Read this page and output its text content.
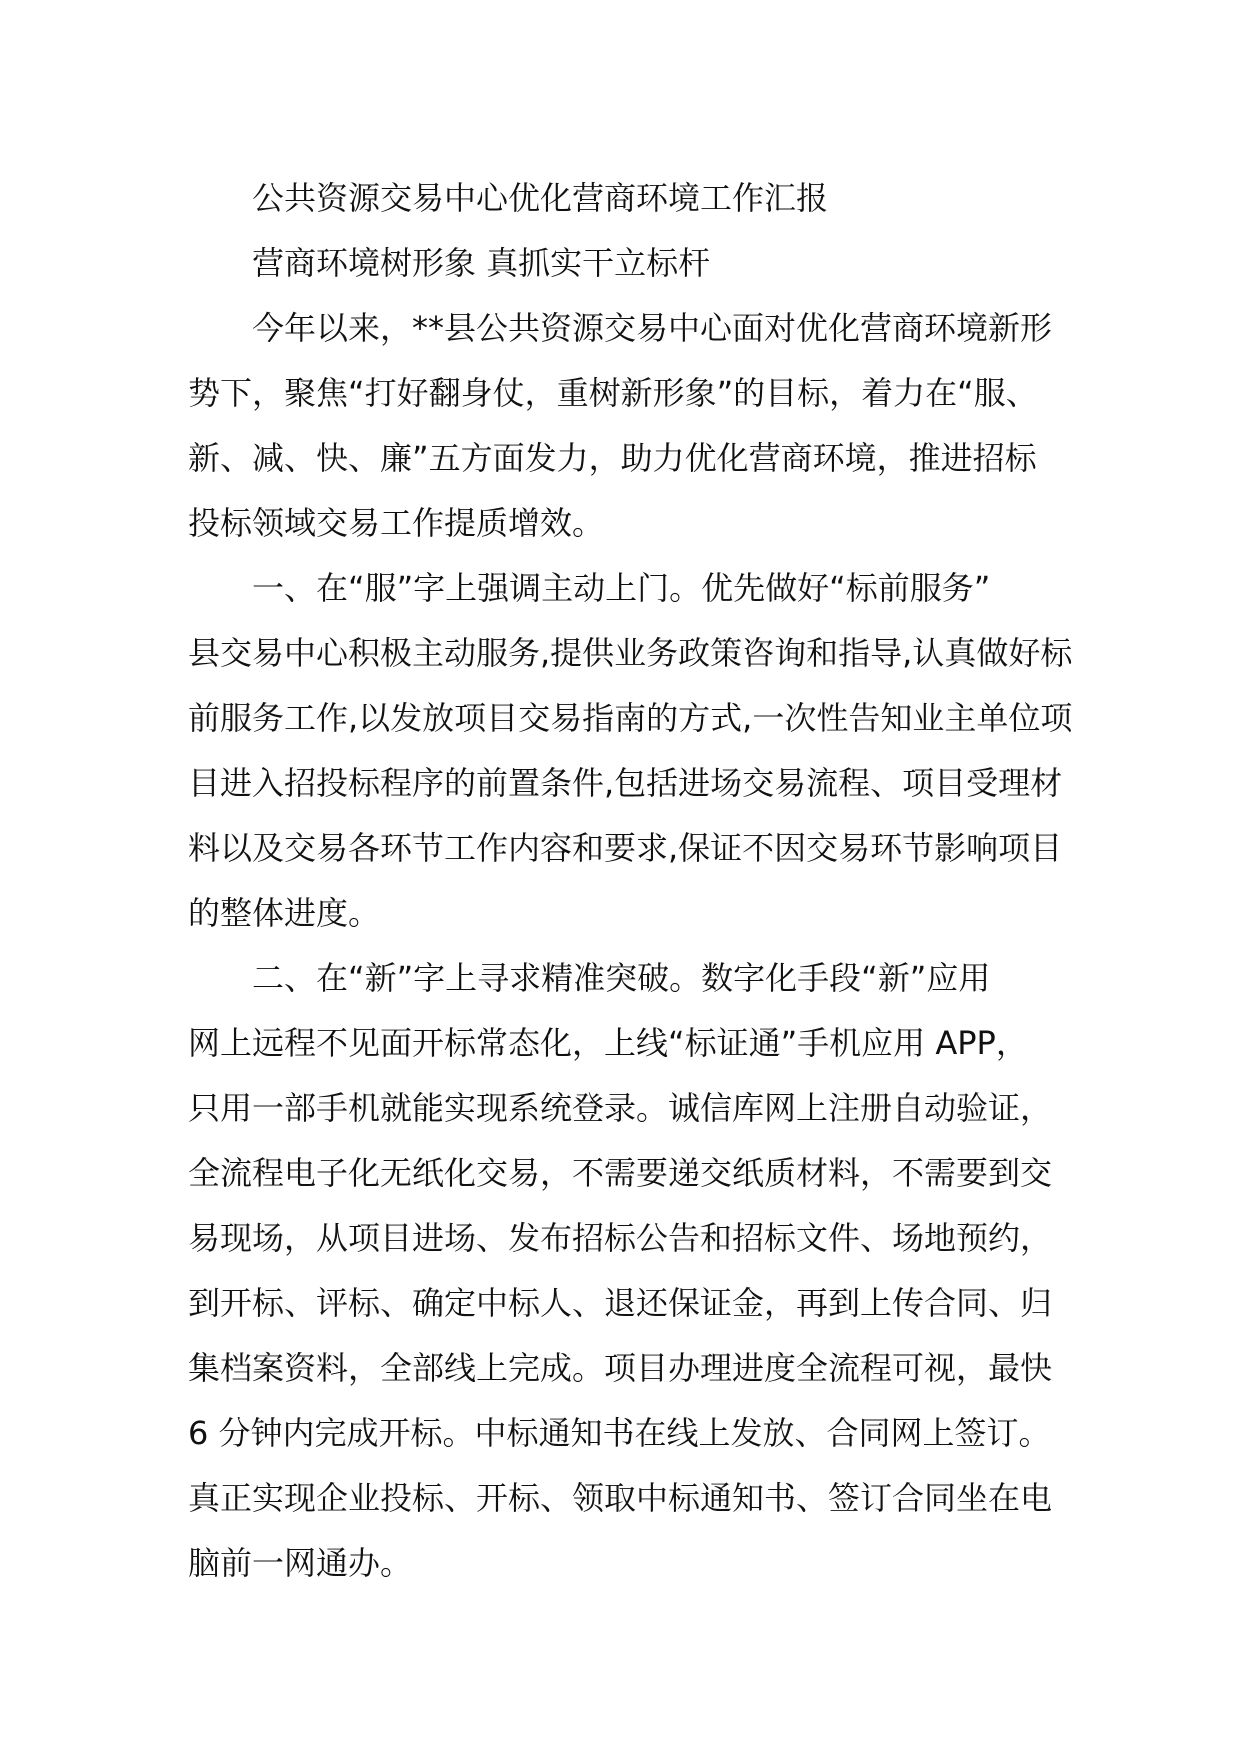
公共资源交易中心优化营商环境工作汇报
营商环境树形象 真抓实干立标杆
今年以来，**县公共资源交易中心面对优化营商环境新形
势下，聚焦“打好翻身仗，重树新形象”的目标，着力在“服、
新、减、快、廉”五方面发力，助力优化营商环境，推进招标
投标领域交易工作提质增效。
一、在“服”字上强调主动上门。优先做好“标前服务”
县交易中心积极主动服务,提供业务政策咨询和指导,认真做好标
前服务工作,以发放项目交易指南的方式,一次性告知业主单位项
目进入招投标程序的前置条件,包括进场交易流程、项目受理材
料以及交易各环节工作内容和要求,保证不因交易环节影响项目
的整体进度。
二、在“新”字上寻求精准突破。数字化手段“新”应用
网上远程不见面开标常态化，上线“标证通”手机应用 APP，
只用一部手机就能实现系统登录。诚信库网上注册自动验证，
全流程电子化无纸化交易，不需要递交纸质材料，不需要到交
易现场，从项目进场、发布招标公告和招标文件、场地预约，
到开标、评标、确定中标人、退还保证金，再到上传合同、归
集档案资料，全部线上完成。项目办理进度全流程可视，最快
6 分钟内完成开标。中标通知书在线上发放、合同网上签订。
真正实现企业投标、开标、领取中标通知书、签订合同坐在电
脑前一网通办。
